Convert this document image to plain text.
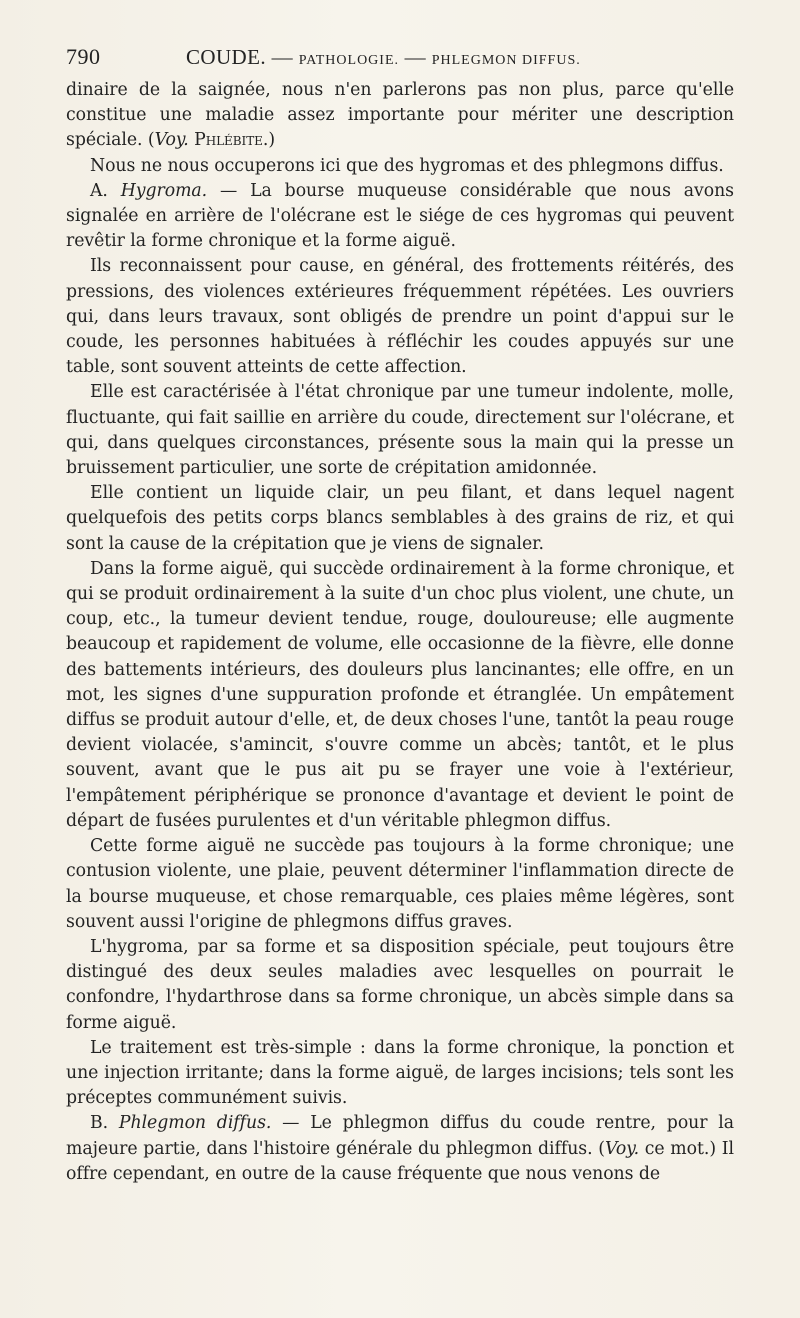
790	COUDE. — PATHOLOGIE. — PHLEGMON DIFFUS.

dinaire de la saignée, nous n'en parlerons pas non plus, parce qu'elle constitue une maladie assez importante pour mériter une description spéciale. (Voy. Phlébite.)

Nous ne nous occuperons ici que des hygromas et des phlegmons diffus.

A. Hygroma. — La bourse muqueuse considérable que nous avons signalée en arrière de l'olécrane est le siége de ces hygromas qui peuvent revêtir la forme chronique et la forme aiguë.

Ils reconnaissent pour cause, en général, des frottements réitérés, des pressions, des violences extérieures fréquemment répétées. Les ouvriers qui, dans leurs travaux, sont obligés de prendre un point d'appui sur le coude, les personnes habituées à réfléchir les coudes appuyés sur une table, sont souvent atteints de cette affection.

Elle est caractérisée à l'état chronique par une tumeur indolente, molle, fluctuante, qui fait saillie en arrière du coude, directement sur l'olécrane, et qui, dans quelques circonstances, présente sous la main qui la presse un bruissement particulier, une sorte de crépitation amidonnée.

Elle contient un liquide clair, un peu filant, et dans lequel nagent quelquefois des petits corps blancs semblables à des grains de riz, et qui sont la cause de la crépitation que je viens de signaler.

Dans la forme aiguë, qui succède ordinairement à la forme chronique, et qui se produit ordinairement à la suite d'un choc plus violent, une chute, un coup, etc., la tumeur devient tendue, rouge, douloureuse; elle augmente beaucoup et rapidement de volume, elle occasionne de la fièvre, elle donne des battements intérieurs, des douleurs plus lancinantes; elle offre, en un mot, les signes d'une suppuration profonde et étranglée. Un empâtement diffus se produit autour d'elle, et, de deux choses l'une, tantôt la peau rouge devient violacée, s'amincit, s'ouvre comme un abcès; tantôt, et le plus souvent, avant que le pus ait pu se frayer une voie à l'extérieur, l'empâtement périphérique se prononce d'avantage et devient le point de départ de fusées purulentes et d'un véritable phlegmon diffus.

Cette forme aiguë ne succède pas toujours à la forme chronique; une contusion violente, une plaie, peuvent déterminer l'inflammation directe de la bourse muqueuse, et chose remarquable, ces plaies même légères, sont souvent aussi l'origine de phlegmons diffus graves.

L'hygroma, par sa forme et sa disposition spéciale, peut toujours être distingué des deux seules maladies avec lesquelles on pourrait le confondre, l'hydarthrose dans sa forme chronique, un abcès simple dans sa forme aiguë.

Le traitement est très-simple : dans la forme chronique, la ponction et une injection irritante; dans la forme aiguë, de larges incisions; tels sont les préceptes communément suivis.

B. Phlegmon diffus. — Le phlegmon diffus du coude rentre, pour la majeure partie, dans l'histoire générale du phlegmon diffus. (Voy. ce mot.) Il offre cependant, en outre de la cause fréquente que nous venons de
